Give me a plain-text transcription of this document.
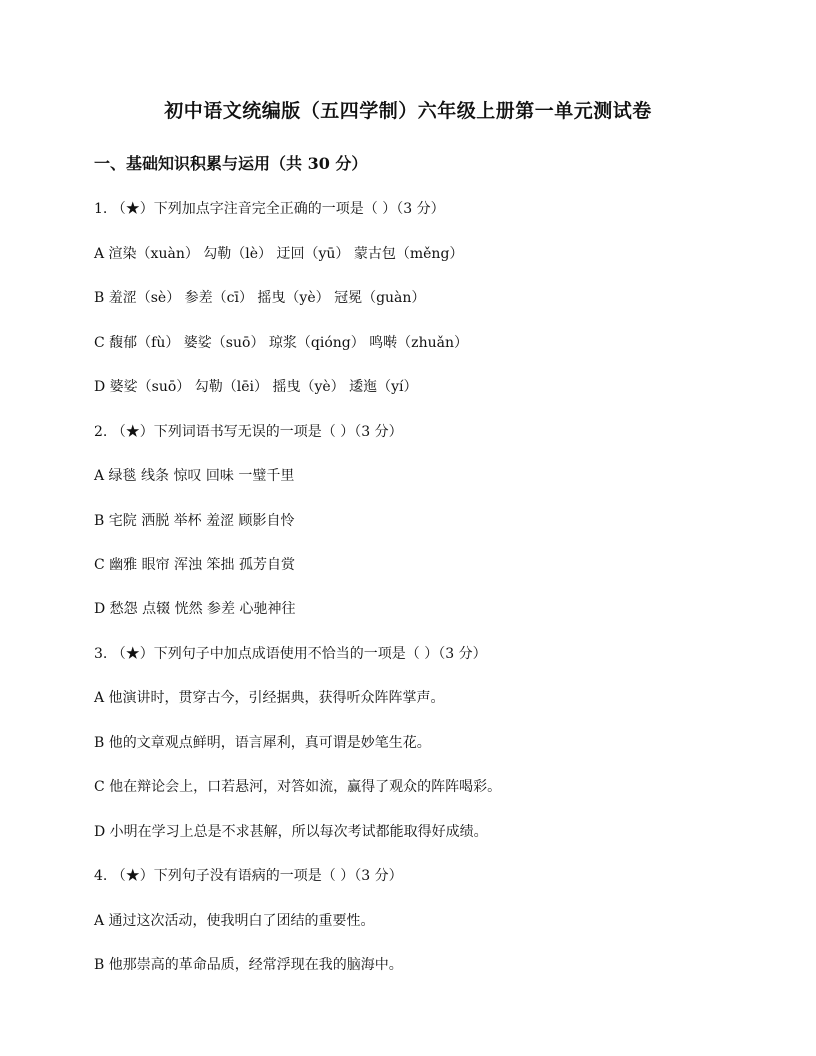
初中语文统编版（五四学制）六年级上册第一单元测试卷
一、基础知识积累与运用（共 30 分）
1. （★）下列加点字注音完全正确的一项是（ ）（3 分）
A 渲染（xuàn） 勾勒（lè） 迂回（yū） 蒙古包（měng）
B 羞涩（sè） 参差（cī） 摇曳（yè） 冠冕（guàn）
C 馥郁（fù） 婆娑（suō） 琼浆（qióng） 鸣啭（zhuǎn）
D 婆娑（suō） 勾勒（lēi） 摇曳（yè） 逶迤（yí）
2. （★）下列词语书写无误的一项是（ ）（3 分）
A 绿毯 线条 惊叹 回味 一璧千里
B 宅院 洒脱 举杯 羞涩 顾影自怜
C 幽雅 眼帘 浑浊 笨拙 孤芳自赏
D 愁怨 点辍 恍然 参差 心驰神往
3. （★）下列句子中加点成语使用不恰当的一项是（ ）（3 分）
A 他演讲时，贯穿古今，引经据典，获得听众阵阵掌声。
B 他的文章观点鲜明，语言犀利，真可谓是妙笔生花。
C 他在辩论会上，口若悬河，对答如流，赢得了观众的阵阵喝彩。
D 小明在学习上总是不求甚解，所以每次考试都能取得好成绩。
4. （★）下列句子没有语病的一项是（ ）（3 分）
A 通过这次活动，使我明白了团结的重要性。
B 他那崇高的革命品质，经常浮现在我的脑海中。
